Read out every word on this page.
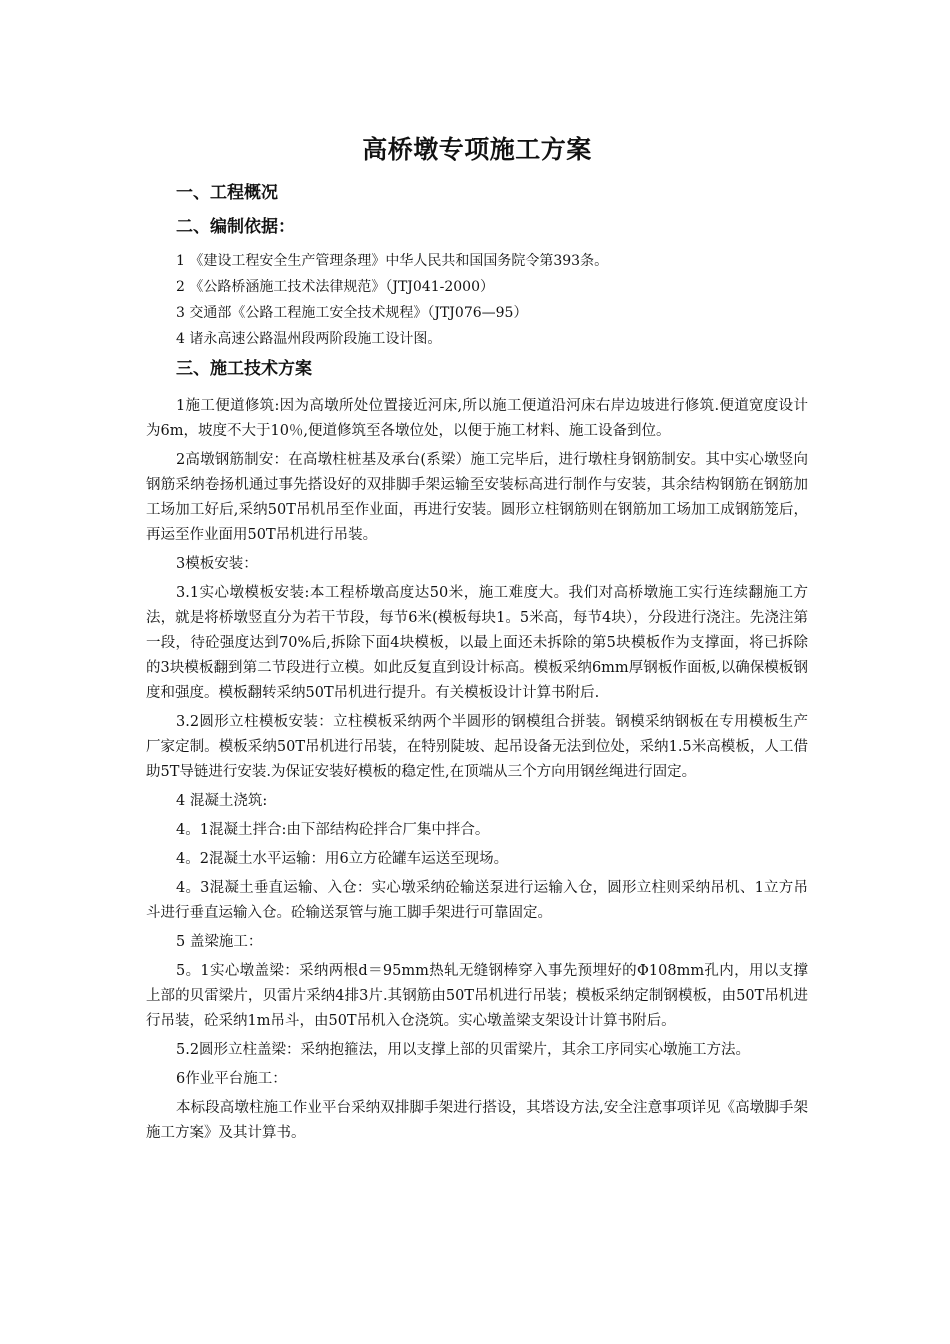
高桥墩专项施工方案
一、工程概况
二、编制依据：
1 《建设工程安全生产管理条理》中华人民共和国国务院令第393条。
2 《公路桥涵施工技术法律规范》（JTJ041-2000）
3 交通部《公路工程施工安全技术规程》（JTJ076—95）
4 诸永高速公路温州段两阶段施工设计图。
三、施工技术方案

1施工便道修筑:因为高墩所处位置接近河床,所以施工便道沿河床右岸边坡进行修筑.便道宽度设计为6m，坡度不大于10％,便道修筑至各墩位处，以便于施工材料、施工设备到位。

2高墩钢筋制安：在高墩柱桩基及承台(系梁）施工完毕后，进行墩柱身钢筋制安。其中实心墩竖向钢筋采纳卷扬机通过事先搭设好的双排脚手架运输至安装标高进行制作与安装，其余结构钢筋在钢筋加工场加工好后,采纳50T吊机吊至作业面，再进行安装。圆形立柱钢筋则在钢筋加工场加工成钢筋笼后，再运至作业面用50T吊机进行吊装。

3模板安装：

3.1实心墩模板安装:本工程桥墩高度达50米，施工难度大。我们对高桥墩施工实行连续翻施工方法，就是将桥墩竖直分为若干节段，每节6米(模板每块1。5米高，每节4块），分段进行浇注。先浇注第一段，待砼强度达到70%后,拆除下面4块模板，以最上面还未拆除的第5块模板作为支撑面，将已拆除的3块模板翻到第二节段进行立模。如此反复直到设计标高。模板采纳6mm厚钢板作面板,以确保模板钢度和强度。模板翻转采纳50T吊机进行提升。有关模板设计计算书附后.

3.2圆形立柱模板安装：立柱模板采纳两个半圆形的钢模组合拼装。钢模采纳钢板在专用模板生产厂家定制。模板采纳50T吊机进行吊装，在特别陡坡、起吊设备无法到位处，采纳1.5米高模板，人工借助5T导链进行安装.为保证安装好模板的稳定性,在顶端从三个方向用钢丝绳进行固定。

4 混凝土浇筑:

4。1混凝土拌合:由下部结构砼拌合厂集中拌合。

4。2混凝土水平运输：用6立方砼罐车运送至现场。

4。3混凝土垂直运输、入仓：实心墩采纳砼输送泵进行运输入仓，圆形立柱则采纳吊机、1立方吊斗进行垂直运输入仓。砼输送泵管与施工脚手架进行可靠固定。

5 盖梁施工：

5。1实心墩盖梁：采纳两根d＝95mm热轧无缝钢棒穿入事先预埋好的Φ108mm孔内，用以支撑上部的贝雷梁片，贝雷片采纳4排3片.其钢筋由50T吊机进行吊装；模板采纳定制钢模板，由50T吊机进行吊装，砼采纳1m吊斗，由50T吊机入仓浇筑。实心墩盖梁支架设计计算书附后。

5.2圆形立柱盖梁：采纳抱箍法，用以支撑上部的贝雷梁片，其余工序同实心墩施工方法。

6作业平台施工：

本标段高墩柱施工作业平台采纳双排脚手架进行搭设，其塔设方法,安全注意事项详见《高墩脚手架施工方案》及其计算书。
